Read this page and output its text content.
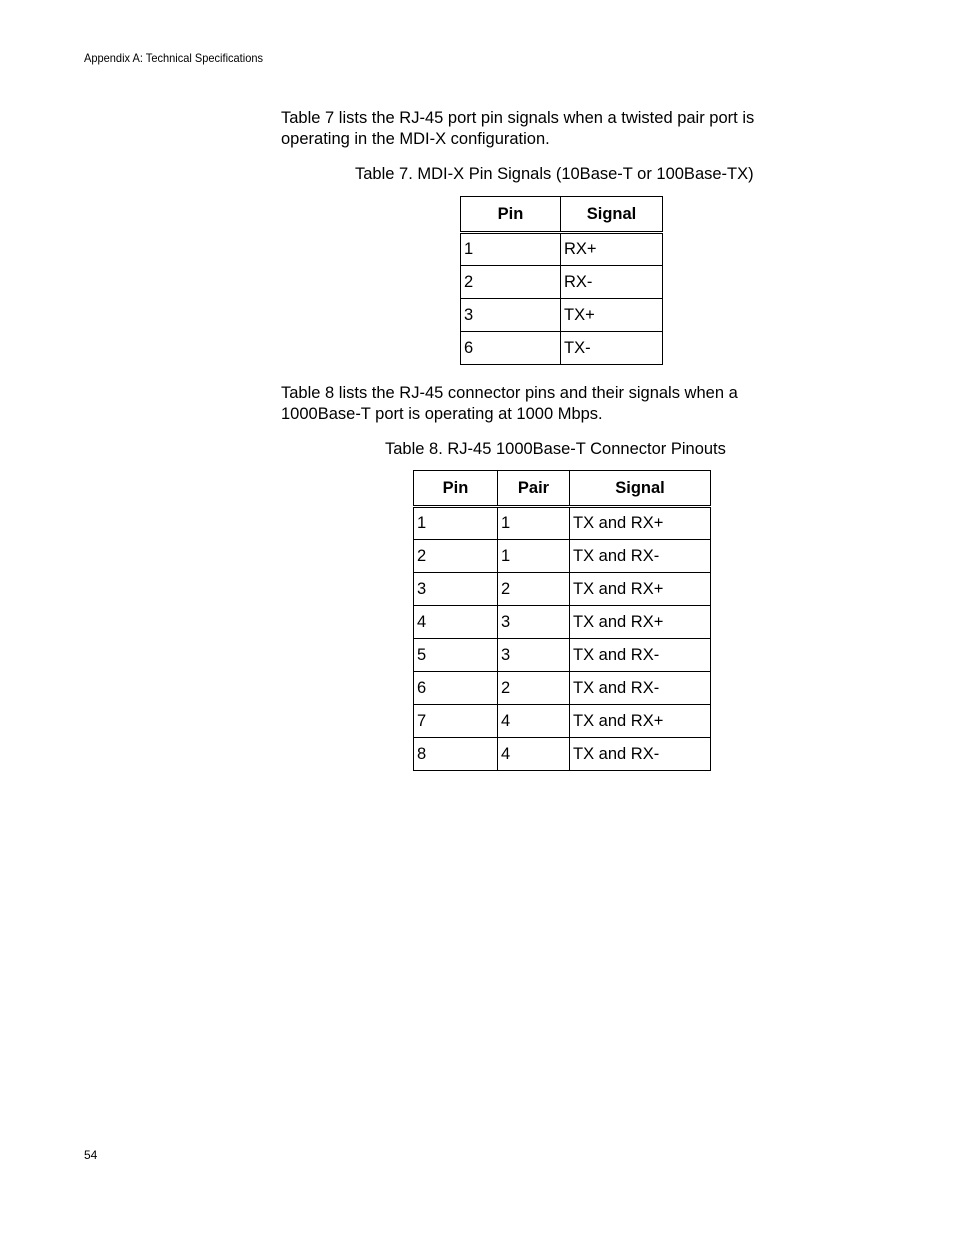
Appendix A: Technical Specifications

Table 7 lists the RJ-45 port pin signals when a twisted pair port is operating in the MDI-X configuration.

Table 7. MDI-X Pin Signals (10Base-T or 100Base-TX)
Pin	Signal
1	RX+
2	RX-
3	TX+
6	TX-

Table 8 lists the RJ-45 connector pins and their signals when a 1000Base-T port is operating at 1000 Mbps.

Table 8. RJ-45 1000Base-T Connector Pinouts
Pin	Pair	Signal
1	1	TX and RX+
2	1	TX and RX-
3	2	TX and RX+
4	3	TX and RX+
5	3	TX and RX-
6	2	TX and RX-
7	4	TX and RX+
8	4	TX and RX-
54
